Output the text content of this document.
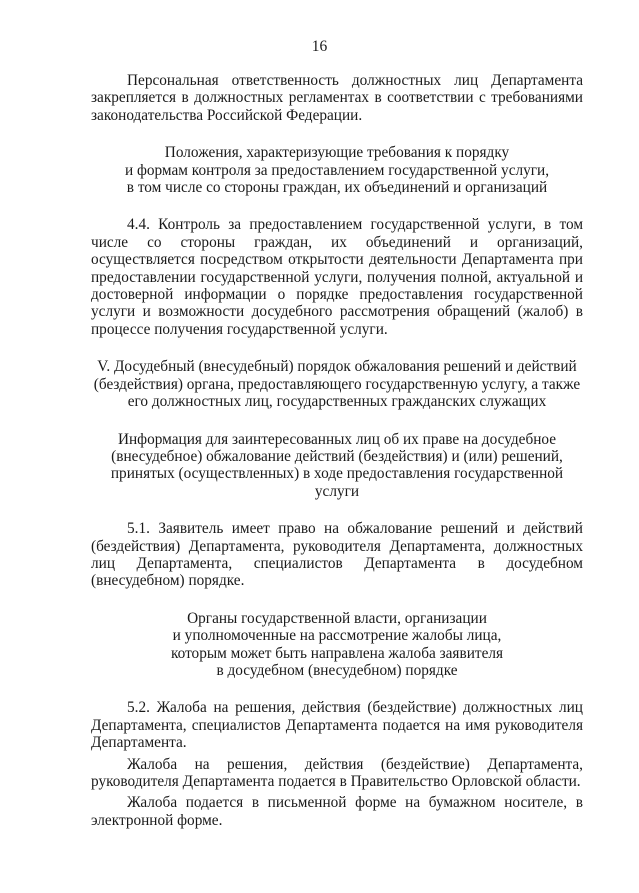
16

Персональная ответственность должностных лиц Департамента закрепляется в должностных регламентах в соответствии с требованиями законодательства Российской Федерации.

Положения, характеризующие требования к порядку
и формам контроля за предоставлением государственной услуги,
в том числе со стороны граждан, их объединений и организаций

4.4. Контроль за предоставлением государственной услуги, в том числе со стороны граждан, их объединений и организаций, осуществляется посредством открытости деятельности Департамента при предоставлении государственной услуги, получения полной, актуальной и достоверной информации о порядке предоставления государственной услуги и возможности досудебного рассмотрения обращений (жалоб) в процессе получения государственной услуги.

V. Досудебный (внесудебный) порядок обжалования решений и действий
(бездействия) органа, предоставляющего государственную услугу, а также
его должностных лиц, государственных гражданских служащих

Информация для заинтересованных лиц об их праве на досудебное
(внесудебное) обжалование действий (бездействия) и (или) решений,
принятых (осуществленных) в ходе предоставления государственной услуги

5.1. Заявитель имеет право на обжалование решений и действий (бездействия) Департамента, руководителя Департамента, должностных лиц Департамента, специалистов Департамента в досудебном (внесудебном) порядке.

Органы государственной власти, организации
и уполномоченные на рассмотрение жалобы лица,
которым может быть направлена жалоба заявителя
в досудебном (внесудебном) порядке

5.2. Жалоба на решения, действия (бездействие) должностных лиц Департамента, специалистов Департамента подается на имя руководителя Департамента.

Жалоба на решения, действия (бездействие) Департамента, руководителя Департамента подается в Правительство Орловской области.

Жалоба подается в письменной форме на бумажном носителе, в электронной форме.
